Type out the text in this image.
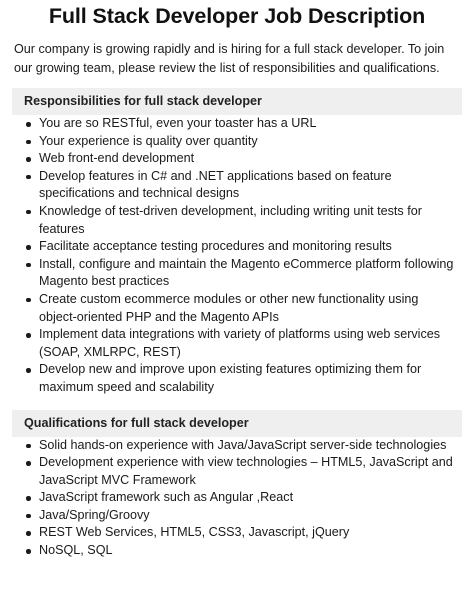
Full Stack Developer Job Description

Our company is growing rapidly and is hiring for a full stack developer. To join our growing team, please review the list of responsibilities and qualifications.

Responsibilities for full stack developer
You are so RESTful, even your toaster has a URL
Your experience is quality over quantity
Web front-end development
Develop features in C# and .NET applications based on feature specifications and technical designs
Knowledge of test-driven development, including writing unit tests for features
Facilitate acceptance testing procedures and monitoring results
Install, configure and maintain the Magento eCommerce platform following Magento best practices
Create custom ecommerce modules or other new functionality using object-oriented PHP and the Magento APIs
Implement data integrations with variety of platforms using web services (SOAP, XMLRPC, REST)
Develop new and improve upon existing features optimizing them for maximum speed and scalability
Qualifications for full stack developer
Solid hands-on experience with Java/JavaScript server-side technologies
Development experience with view technologies – HTML5, JavaScript and JavaScript MVC Framework
JavaScript framework such as Angular ,React
Java/Spring/Groovy
REST Web Services, HTML5, CSS3, Javascript, jQuery
NoSQL, SQL
